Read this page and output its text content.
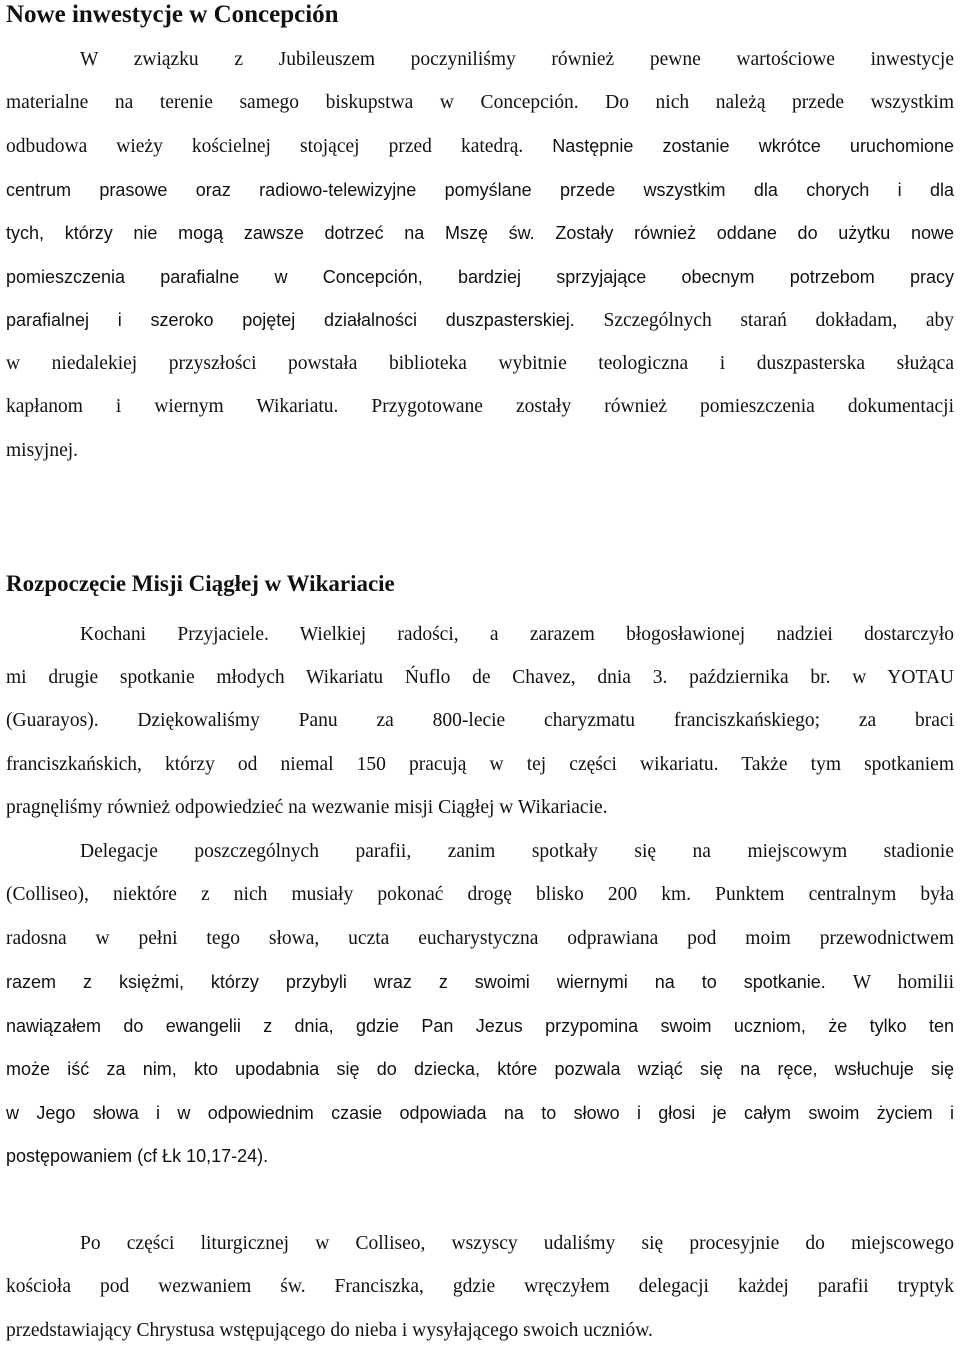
Nowe inwestycje w Concepción
W związku z Jubileuszem poczyniliśmy również pewne wartościowe inwestycje
materialne na terenie samego biskupstwa w Concepción. Do nich należą przede wszystkim
odbudowa wieży kościelnej stojącej przed katedrą. Następnie zostanie wkrótce uruchomione
centrum prasowe oraz radiowo-telewizyjne pomyślane przede wszystkim dla chorych i dla
tych, którzy nie mogą zawsze dotrzeć na Mszę św. Zostały również oddane do użytku nowe
pomieszczenia parafialne w Concepción, bardziej sprzyjające obecnym potrzebom pracy
parafialnej i szeroko pojętej działalności duszpasterskiej. Szczególnych starań dokładam, aby
w niedalekiej przyszłości powstała biblioteka wybitnie teologiczna i duszpasterska służąca
kapłanom i wiernym Wikariatu. Przygotowane zostały również pomieszczenia dokumentacji
misyjnej.
Rozpoczęcie Misji Ciągłej w Wikariacie
Kochani Przyjaciele. Wielkiej radości, a zarazem błogosławionej nadziei dostarczyło
mi drugie spotkanie młodych Wikariatu Ńuflo de Chavez, dnia 3. października br. w YOTAU
(Guarayos). Dziękowaliśmy Panu za 800-lecie charyzmatu franciszkańskiego; za braci
franciszkańskich, którzy od niemal 150 pracują w tej części wikariatu. Także tym spotkaniem
pragnęliśmy również odpowiedzieć na wezwanie misji Ciągłej w Wikariacie.
Delegacje poszczególnych parafii, zanim spotkały się na miejscowym stadionie
(Colliseo), niektóre z nich musiały pokonać drogę blisko 200 km. Punktem centralnym była
radosna w pełni tego słowa, uczta eucharystyczna odprawiana pod moim przewodnictwem
razem z księżmi, którzy przybyli wraz z swoimi wiernymi na to spotkanie. W homilii
nawiązałem do ewangelii z dnia, gdzie Pan Jezus przypomina swoim uczniom, że tylko ten
może iść za nim, kto upodabnia się do dziecka, które pozwala wziąć się na ręce, wsłuchuje się
w Jego słowa i w odpowiednim czasie odpowiada na to słowo i głosi je całym swoim życiem i
postępowaniem (cf Łk 10,17-24).
Po części liturgicznej w Colliseo, wszyscy udaliśmy się procesyjnie do miejscowego
kościoła pod wezwaniem św. Franciszka, gdzie wręczyłem delegacji każdej parafii tryptyk
przedstawiający Chrystusa wstępującego do nieba i wysyłającego swoich uczniów.
